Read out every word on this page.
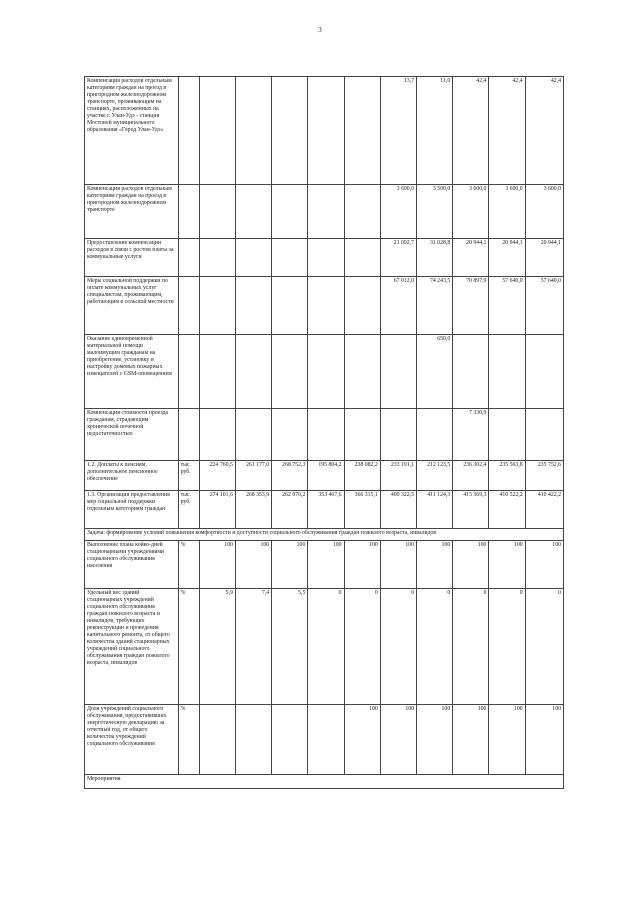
3
Компенсация расходов отдельным категориям граждан на проезд в пригородном железнодорожном транспорте, проживающим на станциях, расположенных на участке г. Улан-Удэ - станция Мостовой муниципального образования «Город Улан-Удэ»							13,7	11,0	42,4	42,4	42,4
Компенсация расходов отдельным категориям граждан на проезд в пригородном железнодорожном транспорте							3 600,0	3 500,0	3 600,0	3 600,0	3 600,0
Предоставление компенсации расходов в связи с ростом платы за коммунальные услуги							21 092,7	31 028,8	20 944,1	20 944,1	20 944,1
Меры социальной поддержки по оплате коммунальных услуг специалистам, проживающим, работающим в сельской местности							67 012,0	74 243,5	70 897,9	57 640,0	57 640,0
Оказание единовременной материальной помощи малоимущим гражданам на приобретение, установку и настройку домовых пожарных извещателей с GSM-оповещением								650,0			
Компенсация стоимости проезда гражданам, страдающим хронической почечной недостаточностью									7 330,9		
1.2. Доплаты к пенсиям, дополнительное пенсионное обеспечение	тыс. руб.	224 760,5	261 177,0	268 752,3	195 804,2	238 082,2	233 191,1	212 123,5	236 302,4	235 563,8	235 752,6
1.3. Организация предоставления мер социальной поддержки отдельным категориям граждан	тыс. руб.	274 101,6	268 353,9	262 070,2	353 467,6	366 315,1	400 322,5	411 124,3	415 369,3	410 522,2	410 422,2
Задача: формирование условий повышения комфортности и доступности социального обслуживания граждан пожилого возраста, инвалидов											
Выполнение плана койко-дней стационарными учреждениями социального обслуживания населения	%	100	100	100	100	100	100	100	100	100	100
Удельный вес зданий стационарных учреждений социального обслуживания граждан пожилого возраста и инвалидов, требующих реконструкции и проведения капитального ремонта, от общего количества зданий стационарных учреждений социального обслуживания граждан пожилого возраста, инвалидов	%	5,9	7,4	5,5	0	0	0	0	0	0	0
Доля учреждений социального обслуживания, предоставивших энергетическую декларацию за отчетный год, от общего количества учреждений социального обслуживания	%					100	100	100	100	100	100
Мероприятия											
